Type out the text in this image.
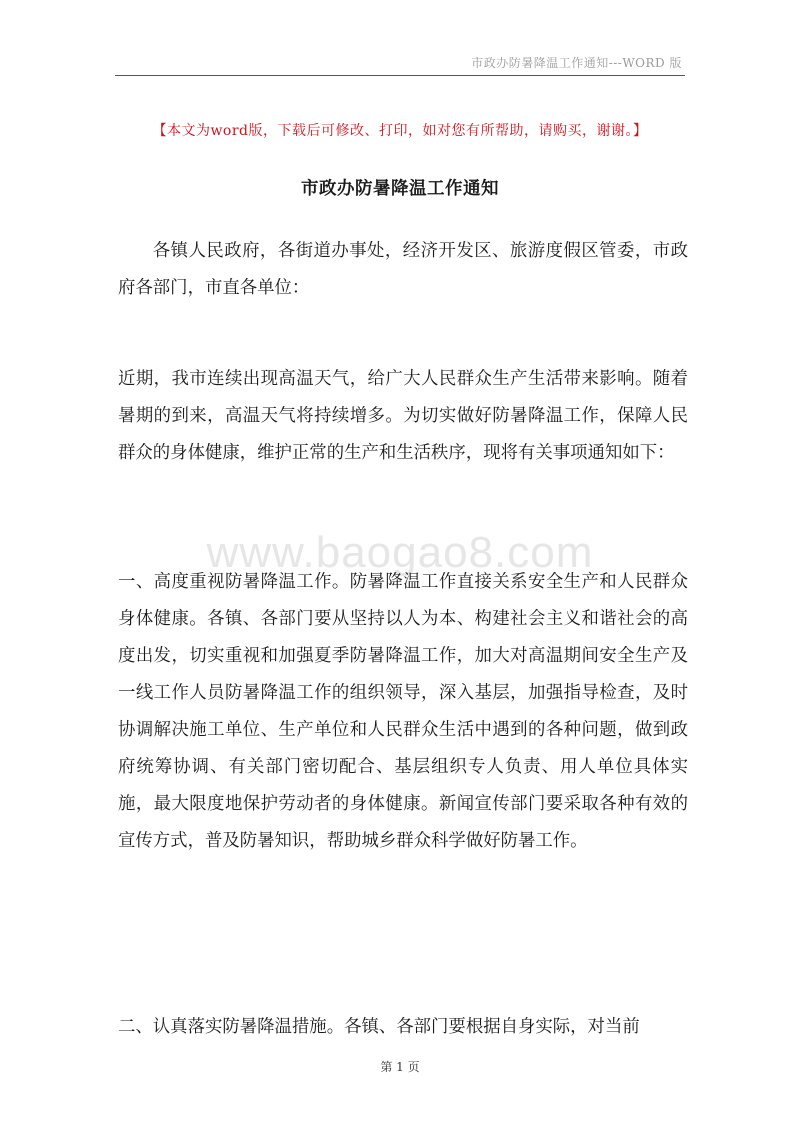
市政办防暑降温工作通知---WORD 版
【本文为word版，下载后可修改、打印，如对您有所帮助，请购买，谢谢。】
市政办防暑降温工作通知

各镇人民政府，各街道办事处，经济开发区、旅游度假区管委，市政府各部门，市直各单位：

近期，我市连续出现高温天气，给广大人民群众生产生活带来影响。随着暑期的到来，高温天气将持续增多。为切实做好防暑降温工作，保障人民群众的身体健康，维护正常的生产和生活秩序，现将有关事项通知如下：

www.baogao8.com

一、高度重视防暑降温工作。防暑降温工作直接关系安全生产和人民群众身体健康。各镇、各部门要从坚持以人为本、构建社会主义和谐社会的高度出发，切实重视和加强夏季防暑降温工作，加大对高温期间安全生产及一线工作人员防暑降温工作的组织领导，深入基层，加强指导检查，及时协调解决施工单位、生产单位和人民群众生活中遇到的各种问题，做到政府统筹协调、有关部门密切配合、基层组织专人负责、用人单位具体实施，最大限度地保护劳动者的身体健康。新闻宣传部门要采取各种有效的宣传方式，普及防暑知识，帮助城乡群众科学做好防暑工作。

二、认真落实防暑降温措施。各镇、各部门要根据自身实际，对当前

第 1 页
